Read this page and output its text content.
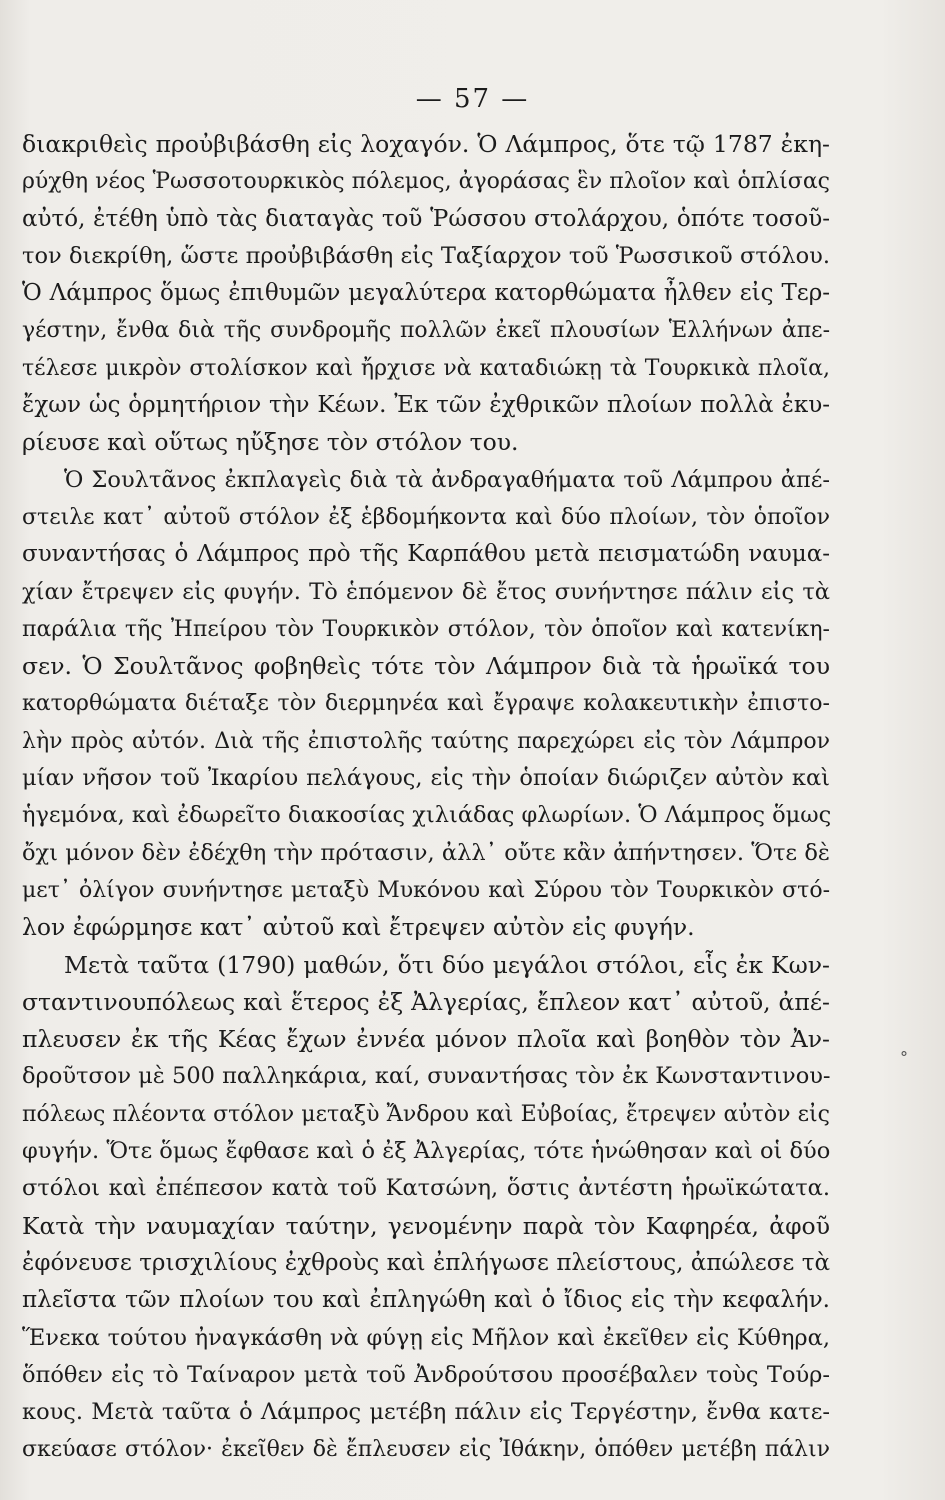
— 57 —
διακριθεὶς προὐβιβάσθη εἰς λοχαγόν. Ὁ Λάμπρος, ὅτε τῷ 1787 ἐκη-
ρύχθη νέος Ῥωσσοτουρκικὸς πόλεμος, ἀγοράσας ἓν πλοῖον καὶ ὁπλίσας
αὐτό, ἐτέθη ὑπὸ τὰς διαταγὰς τοῦ Ῥώσσου στολάρχου, ὁπότε τοσοῦ-
τον διεκρίθη, ὥστε προὐβιβάσθη εἰς Ταξίαρχον τοῦ Ῥωσσικοῦ στόλου.
Ὁ Λάμπρος ὅμως ἐπιθυμῶν μεγαλύτερα κατορθώματα ἦλθεν εἰς Τερ-
γέστην, ἔνθα διὰ τῆς συνδρομῆς πολλῶν ἐκεῖ πλουσίων Ἑλλήνων ἀπε-
τέλεσε μικρὸν στολίσκον καὶ ἤρχισε νὰ καταδιώκῃ τὰ Τουρκικὰ πλοῖα,
ἔχων ὡς ὁρμητήριον τὴν Κέων. Ἐκ τῶν ἐχθρικῶν πλοίων πολλὰ ἐκυ-
ρίευσε καὶ οὕτως ηὔξησε τὸν στόλον του.
Ὁ Σουλτᾶνος ἐκπλαγεὶς διὰ τὰ ἀνδραγαθήματα τοῦ Λάμπρου ἀπέ-
στειλε κατ᾽ αὐτοῦ στόλον ἐξ ἑβδομήκοντα καὶ δύο πλοίων, τὸν ὁποῖον
συναντήσας ὁ Λάμπρος πρὸ τῆς Καρπάθου μετὰ πεισματώδη ναυμα-
χίαν ἔτρεψεν εἰς φυγήν. Τὸ ἑπόμενον δὲ ἔτος συνήντησε πάλιν εἰς τὰ
παράλια τῆς Ἠπείρου τὸν Τουρκικὸν στόλον, τὸν ὁποῖον καὶ κατενίκη-
σεν. Ὁ Σουλτᾶνος φοβηθεὶς τότε τὸν Λάμπρον διὰ τὰ ἡρωϊκά του
κατορθώματα διέταξε τὸν διερμηνέα καὶ ἔγραψε κολακευτικὴν ἐπιστο-
λὴν πρὸς αὐτόν. Διὰ τῆς ἐπιστολῆς ταύτης παρεχώρει εἰς τὸν Λάμπρον
μίαν νῆσον τοῦ Ἰκαρίου πελάγους, εἰς τὴν ὁποίαν διώριζεν αὐτὸν καὶ
ἡγεμόνα, καὶ ἐδωρεῖτο διακοσίας χιλιάδας φλωρίων. Ὁ Λάμπρος ὅμως
ὄχι μόνον δὲν ἐδέχθη τὴν πρότασιν, ἀλλ᾽ οὔτε κἂν ἀπήντησεν. Ὅτε δὲ
μετ᾽ ὀλίγον συνήντησε μεταξὺ Μυκόνου καὶ Σύρου τὸν Τουρκικὸν στό-
λον ἐφώρμησε κατ᾽ αὐτοῦ καὶ ἔτρεψεν αὐτὸν εἰς φυγήν.
Μετὰ ταῦτα (1790) μαθών, ὅτι δύο μεγάλοι στόλοι, εἷς ἐκ Κων-
σταντινουπόλεως καὶ ἕτερος ἐξ Ἀλγερίας, ἔπλεον κατ᾽ αὐτοῦ, ἀπέ-
πλευσεν ἐκ τῆς Κέας ἔχων ἐννέα μόνον πλοῖα καὶ βοηθὸν τὸν Ἀν-
δροῦτσον μὲ 500 παλληκάρια, καί, συναντήσας τὸν ἐκ Κωνσταντινου-
πόλεως πλέοντα στόλον μεταξὺ Ἄνδρου καὶ Εὐβοίας, ἔτρεψεν αὐτὸν εἰς
φυγήν. Ὅτε ὅμως ἔφθασε καὶ ὁ ἐξ Ἀλγερίας, τότε ἡνώθησαν καὶ οἱ δύο
στόλοι καὶ ἐπέπεσον κατὰ τοῦ Κατσώνη, ὅστις ἀντέστη ἡρωϊκώτατα.
Κατὰ τὴν ναυμαχίαν ταύτην, γενομένην παρὰ τὸν Καφηρέα, ἀφοῦ
ἐφόνευσε τρισχιλίους ἐχθροὺς καὶ ἐπλήγωσε πλείστους, ἀπώλεσε τὰ
πλεῖστα τῶν πλοίων του καὶ ἐπληγώθη καὶ ὁ ἴδιος εἰς τὴν κεφαλήν.
Ἕνεκα τούτου ἠναγκάσθη νὰ φύγῃ εἰς Μῆλον καὶ ἐκεῖθεν εἰς Κύθηρα,
ὅπόθεν εἰς τὸ Ταίναρον μετὰ τοῦ Ἀνδρούτσου προσέβαλεν τοὺς Τούρ-
κους. Μετὰ ταῦτα ὁ Λάμπρος μετέβη πάλιν εἰς Τεργέστην, ἔνθα κατε-
σκεύασε στόλον· ἐκεῖθεν δὲ ἔπλευσεν εἰς Ἰθάκην, ὁπόθεν μετέβη πάλιν
°
